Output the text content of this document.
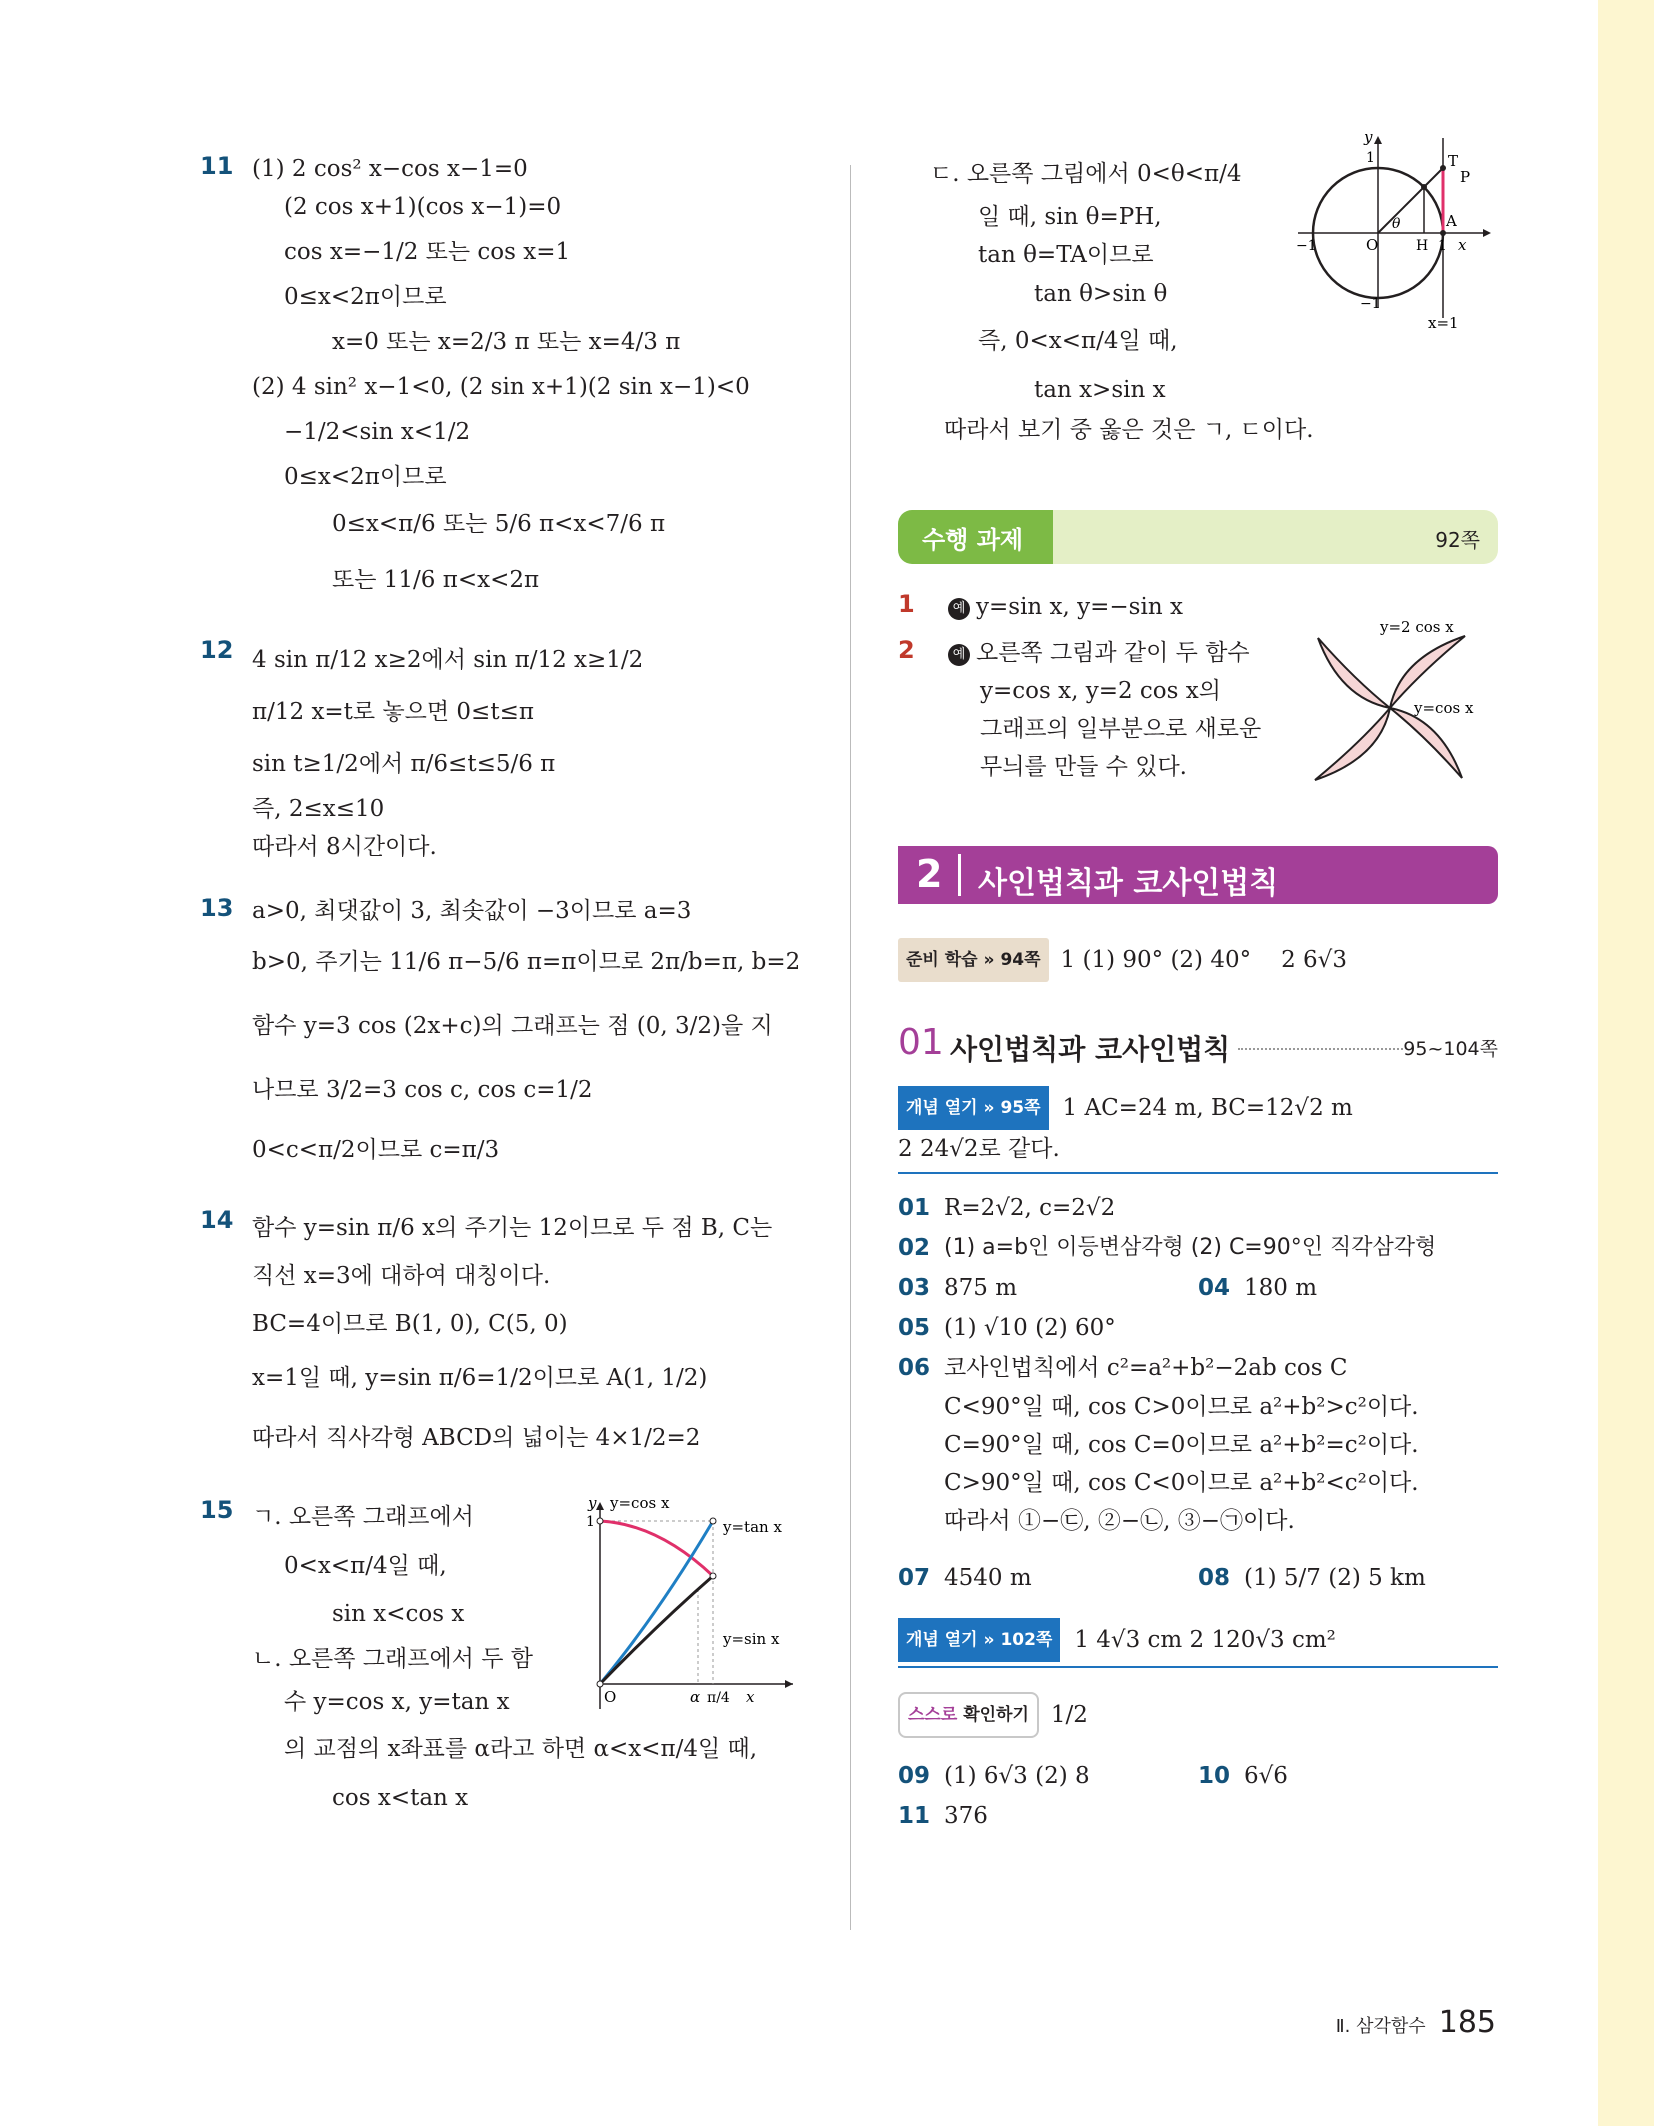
11 (1) 2 cos² x−cos x−1=0
(2 cos x+1)(cos x−1)=0
cos x=−1/2 또는 cos x=1
0≤x<2π이므로
x=0 또는 x=2/3 π 또는 x=4/3 π
(2) 4 sin² x−1<0, (2 sin x+1)(2 sin x−1)<0
−1/2<sin x<1/2
0≤x<2π이므로
0≤x<π/6 또는 5/6 π<x<7/6 π
또는 11/6 π<x<2π
12 4 sin π/12 x≥2에서 sin π/12 x≥1/2
π/12 x=t로 놓으면 0≤t≤π
sin t≥1/2에서 π/6≤t≤5/6 π
즉, 2≤x≤10
따라서 8시간이다.
13 a>0, 최댓값이 3, 최솟값이 −3이므로 a=3
b>0, 주기는 11/6 π−5/6 π=π이므로 2π/b=π, b=2
함수 y=3 cos (2x+c)의 그래프는 점 (0, 3/2)을 지
나므로 3/2=3 cos c, cos c=1/2
0<c<π/2이므로 c=π/3
14 함수 y=sin π/6 x의 주기는 12이므로 두 점 B, C는
직선 x=3에 대하여 대칭이다.
BC=4이므로 B(1, 0), C(5, 0)
x=1일 때, y=sin π/6=1/2이므로 A(1, 1/2)
따라서 직사각형 ABCD의 넓이는 4×1/2=2
15 ㄱ. 오른쪽 그래프에서
0<x<π/4일 때,
sin x<cos x
ㄴ. 오른쪽 그래프에서 두 함
수 y=cos x, y=tan x
의 교점의 x좌표를 α라고 하면 α<x<π/4일 때,
cos x<tan x
y y=cos x
y=tan x
y=sin x
1
O	α π/4 x
ㄷ. 오른쪽 그림에서 0<θ<π/4
일 때, sin θ=PH,
tan θ=TA이므로
tan θ>sin θ
즉, 0<x<π/4일 때,
tan x>sin x
따라서 보기 중 옳은 것은 ㄱ, ㄷ이다.
y
1
−1
−1
O	H 1 x
T
P
A
θ
x=1
수행 과제	92쪽
1	예 y=sin x, y=−sin x
2	예 오른쪽 그림과 같이 두 함수
y=cos x, y=2 cos x의
그래프의 일부분으로 새로운
무늬를 만들 수 있다.
y=2 cos x
y=cos x
2 사인법칙과 코사인법칙
준비 학습 » 94쪽 1 (1) 90° (2) 40° 2 6√3
01 사인법칙과 코사인법칙	95~104쪽
개념 열기 » 95쪽 1 AC=24 m, BC=12√2 m
2 24√2로 같다.
01 R=2√2, c=2√2
02 (1) a=b인 이등변삼각형 (2) C=90°인 직각삼각형
03 875 m	04 180 m
05 (1) √10 (2) 60°
06 코사인법칙에서 c²=a²+b²−2ab cos C
C<90°일 때, cos C>0이므로 a²+b²>c²이다.
C=90°일 때, cos C=0이므로 a²+b²=c²이다.
C>90°일 때, cos C<0이므로 a²+b²<c²이다.
따라서 ①−㉢, ②−㉡, ③−㉠이다.
07 4540 m	08 (1) 5/7 (2) 5 km
개념 열기 » 102쪽 1 4√3 cm 2 120√3 cm²
스스로 확인하기 1/2
09 (1) 6√3 (2) 8	10 6√6
11 376
Ⅱ. 삼각함수 185
